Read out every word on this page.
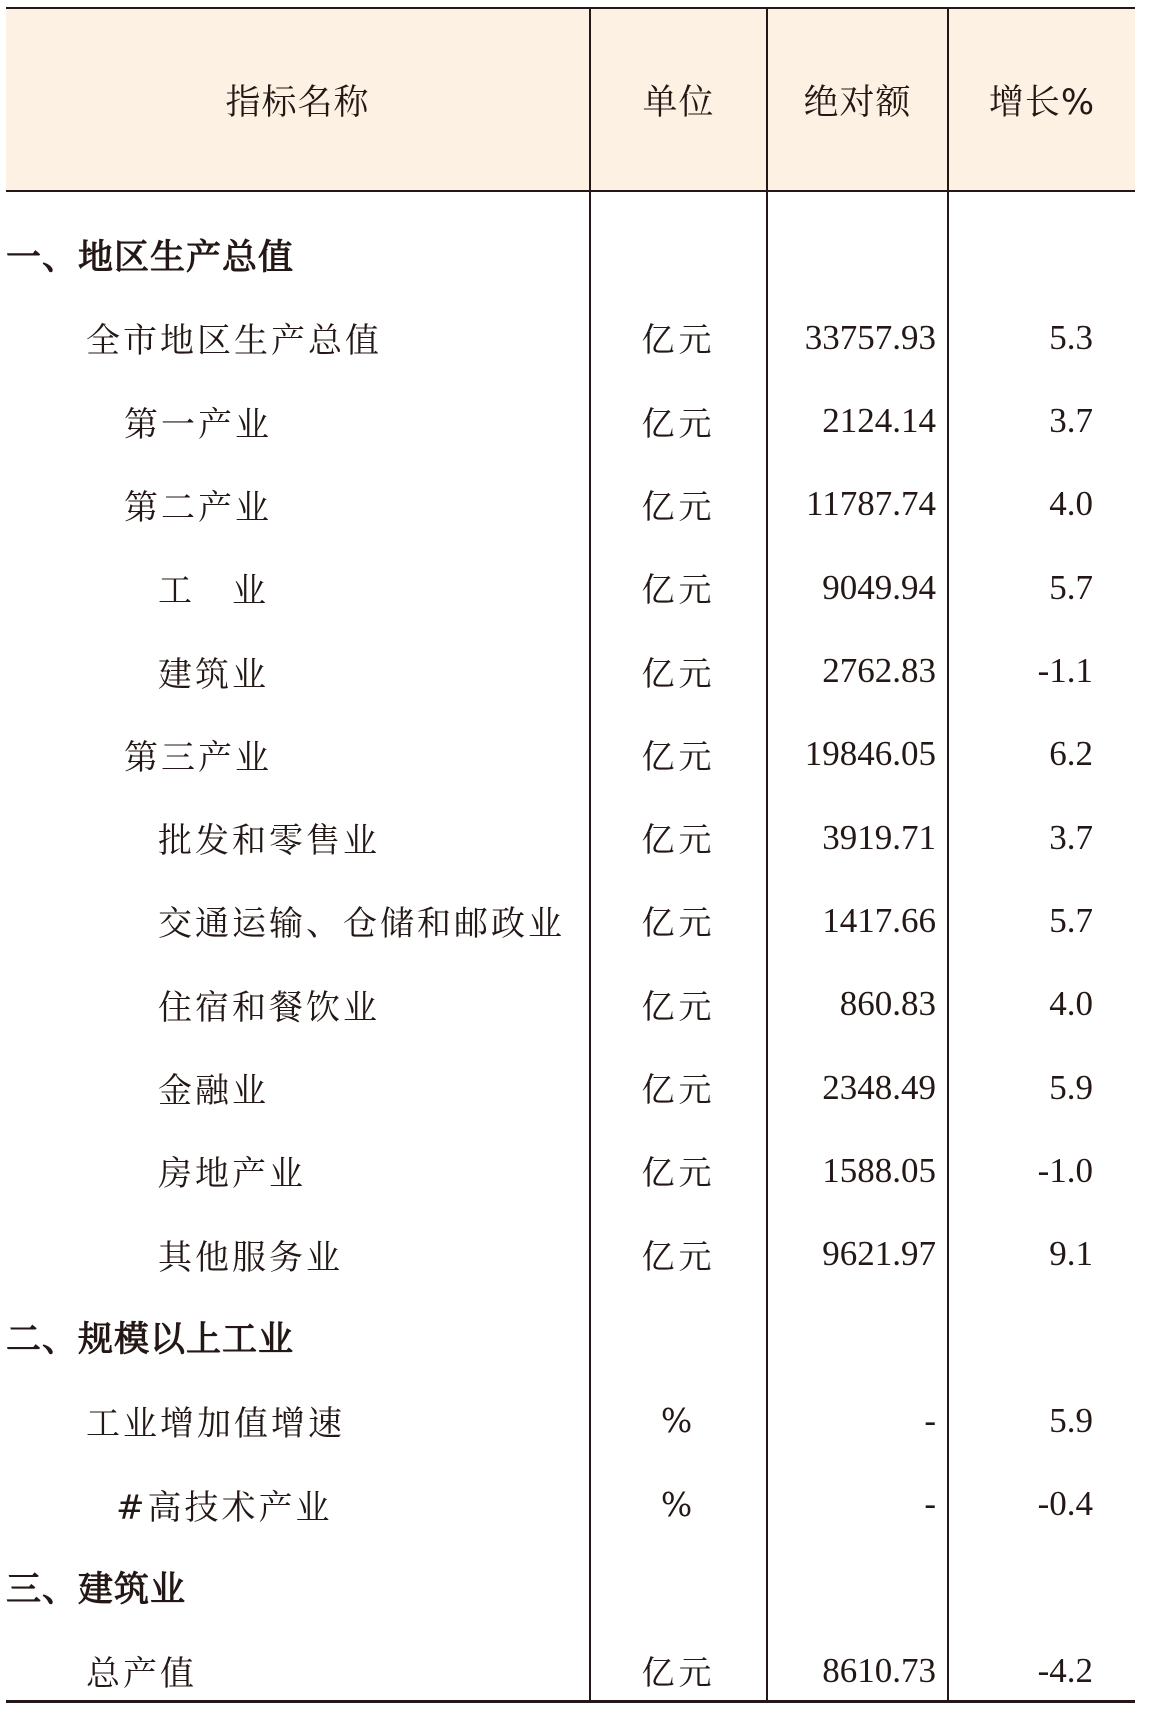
指标名称	单位	绝对额	增长%
一、地区生产总值
全市地区生产总值	亿元	33757.93	5.3
第一产业	亿元	2124.14	3.7
第二产业	亿元	11787.74	4.0
工　业	亿元	9049.94	5.7
建筑业	亿元	2762.83	-1.1
第三产业	亿元	19846.05	6.2
批发和零售业	亿元	3919.71	3.7
交通运输、仓储和邮政业	亿元	1417.66	5.7
住宿和餐饮业	亿元	860.83	4.0
金融业	亿元	2348.49	5.9
房地产业	亿元	1588.05	-1.0
其他服务业	亿元	9621.97	9.1
二、规模以上工业
工业增加值增速	%	-	5.9
#高技术产业	%	-	-0.4
三、建筑业
总产值	亿元	8610.73	-4.2
